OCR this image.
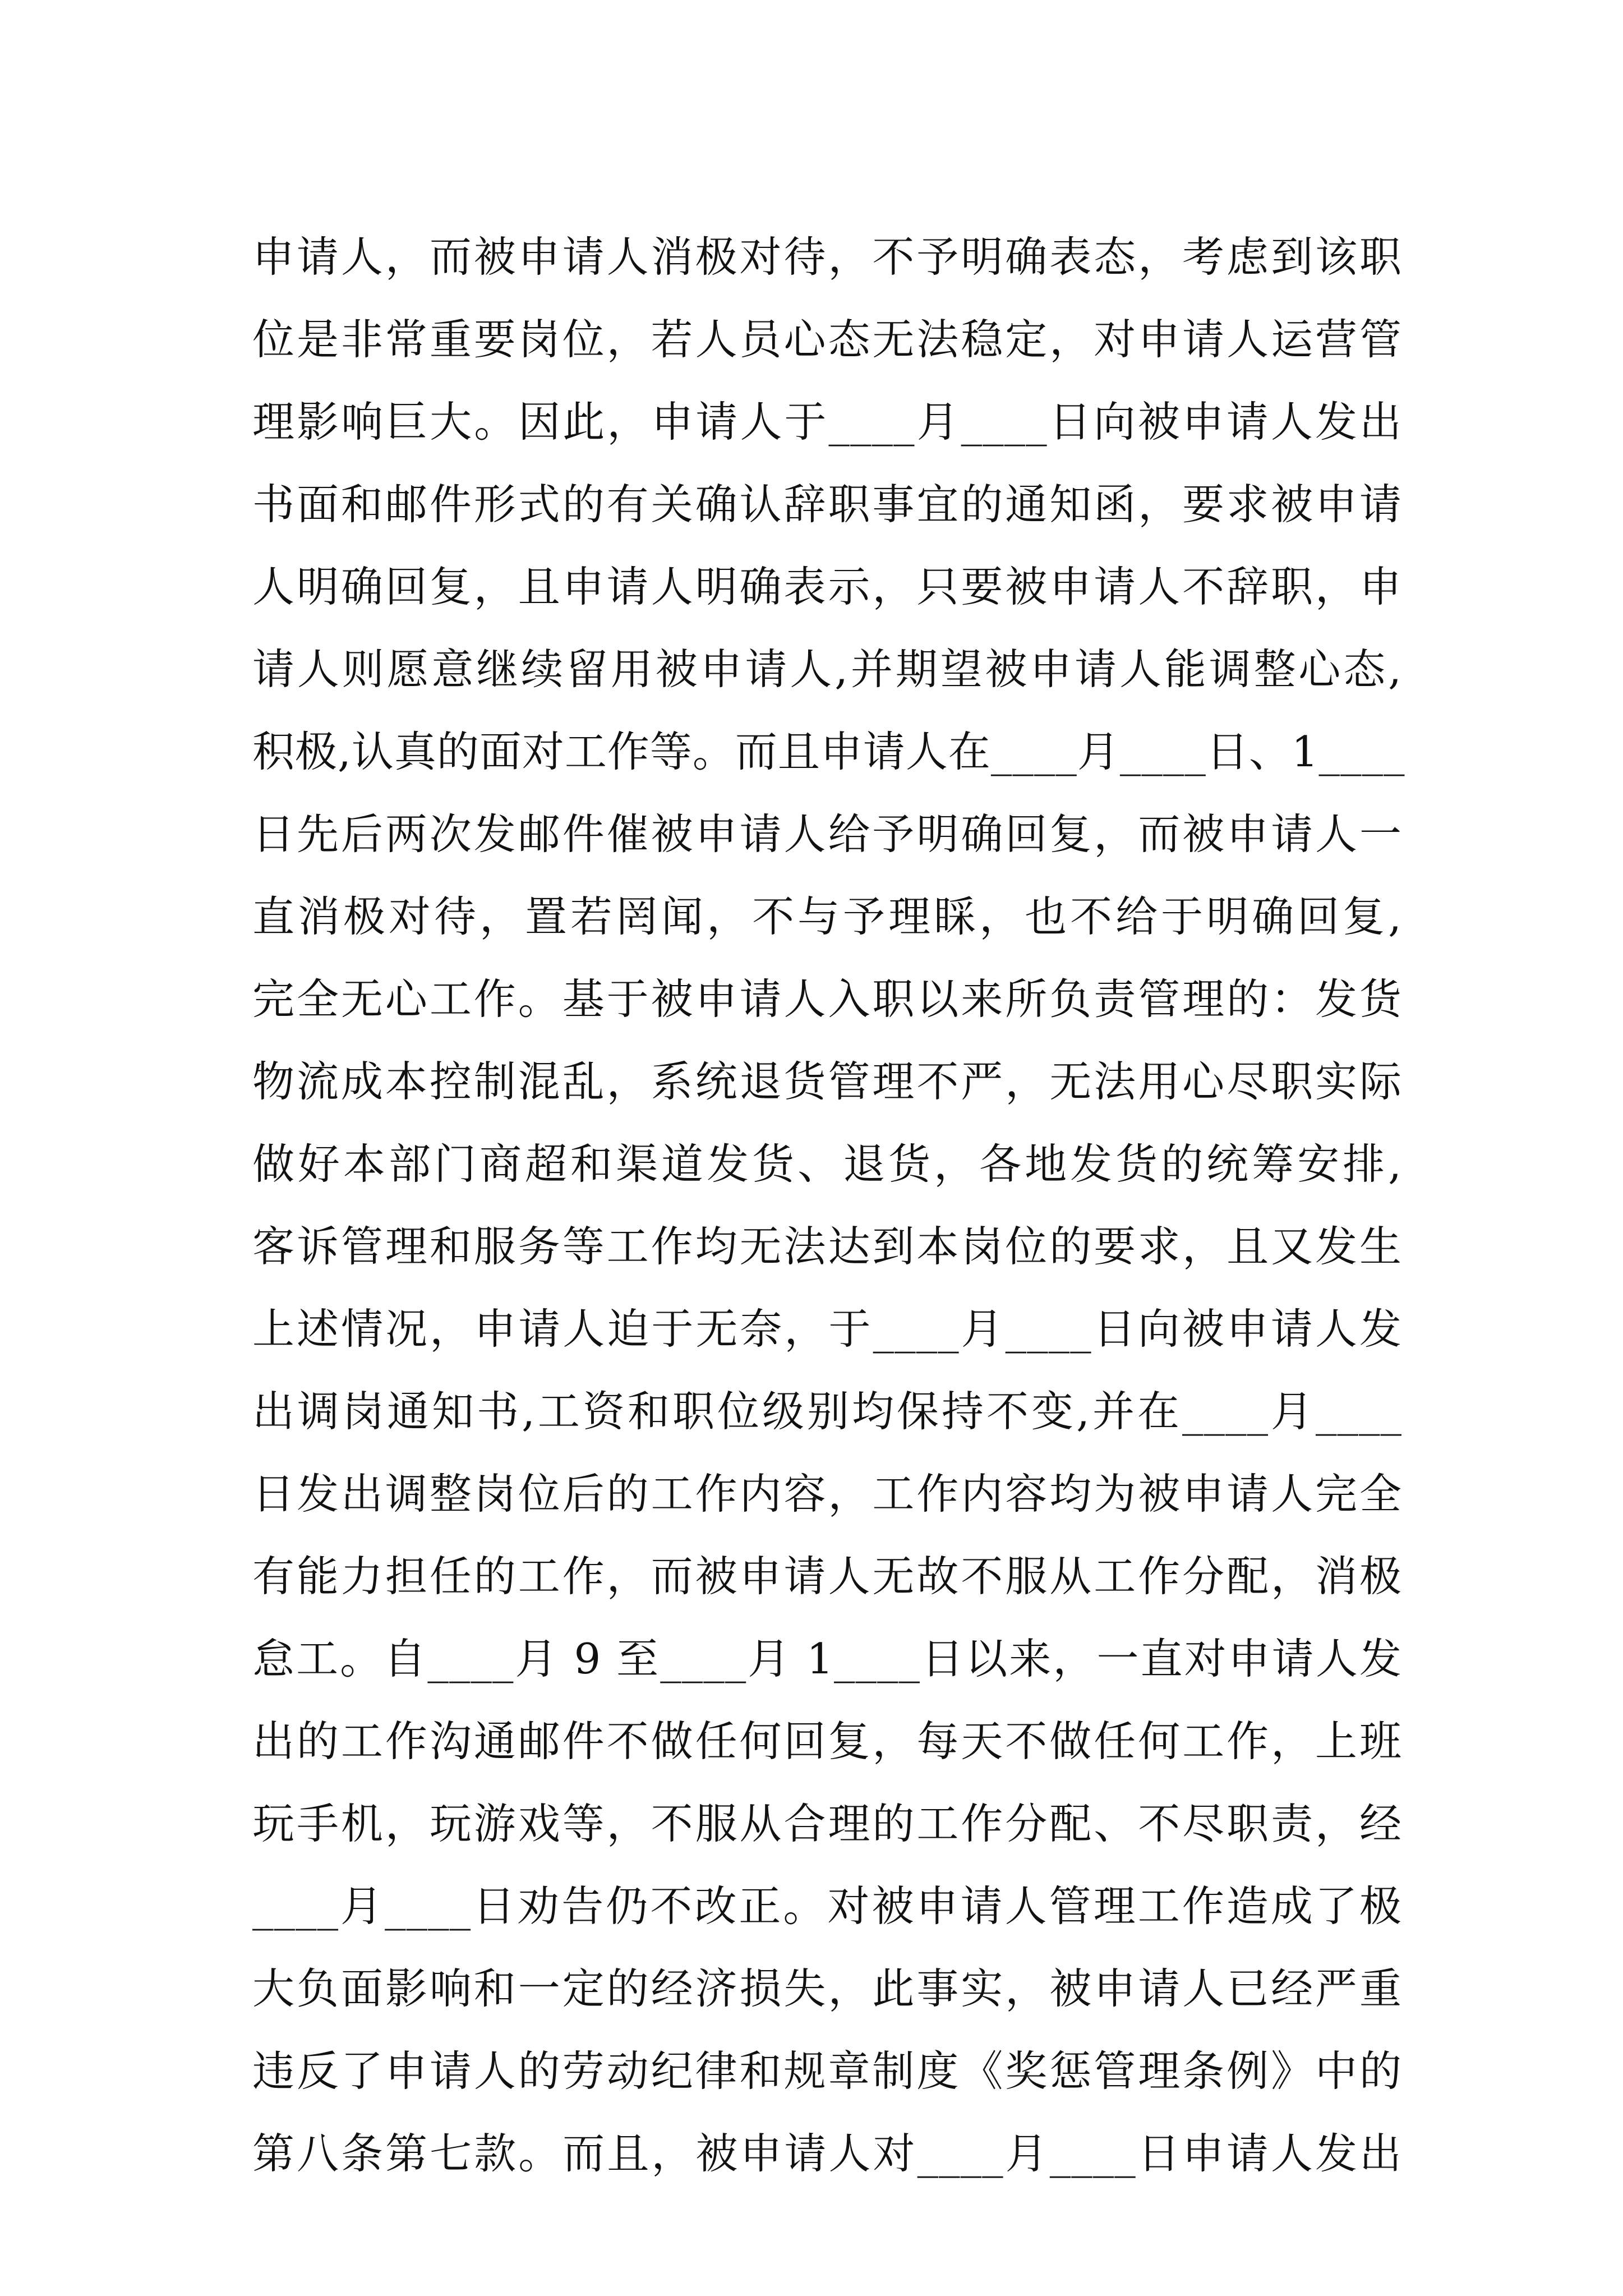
申请人，而被申请人消极对待，不予明确表态，考虑到该职
位是非常重要岗位，若人员心态无法稳定，对申请人运营管
理影响巨大。因此，申请人于____月____日向被申请人发出
书面和邮件形式的有关确认辞职事宜的通知函，要求被申请
人明确回复，且申请人明确表示，只要被申请人不辞职，申
请人则愿意继续留用被申请人,并期望被申请人能调整心态,
积极,认真的面对工作等。而且申请人在____月____日、1____
日先后两次发邮件催被申请人给予明确回复，而被申请人一
直消极对待，置若罔闻，不与予理睬，也不给于明确回复,
完全无心工作。基于被申请人入职以来所负责管理的：发货
物流成本控制混乱，系统退货管理不严，无法用心尽职实际
做好本部门商超和渠道发货、退货，各地发货的统筹安排,
客诉管理和服务等工作均无法达到本岗位的要求，且又发生
上述情况，申请人迫于无奈，于____月____日向被申请人发
出调岗通知书,工资和职位级别均保持不变,并在____月____
日发出调整岗位后的工作内容，工作内容均为被申请人完全
有能力担任的工作，而被申请人无故不服从工作分配，消极
怠工。自____月 9 至____月 1____日以来，一直对申请人发
出的工作沟通邮件不做任何回复，每天不做任何工作，上班
玩手机，玩游戏等，不服从合理的工作分配、不尽职责，经
____月____日劝告仍不改正。对被申请人管理工作造成了极
大负面影响和一定的经济损失，此事实，被申请人已经严重
违反了申请人的劳动纪律和规章制度《奖惩管理条例》中的
第八条第七款。而且，被申请人对____月____日申请人发出
